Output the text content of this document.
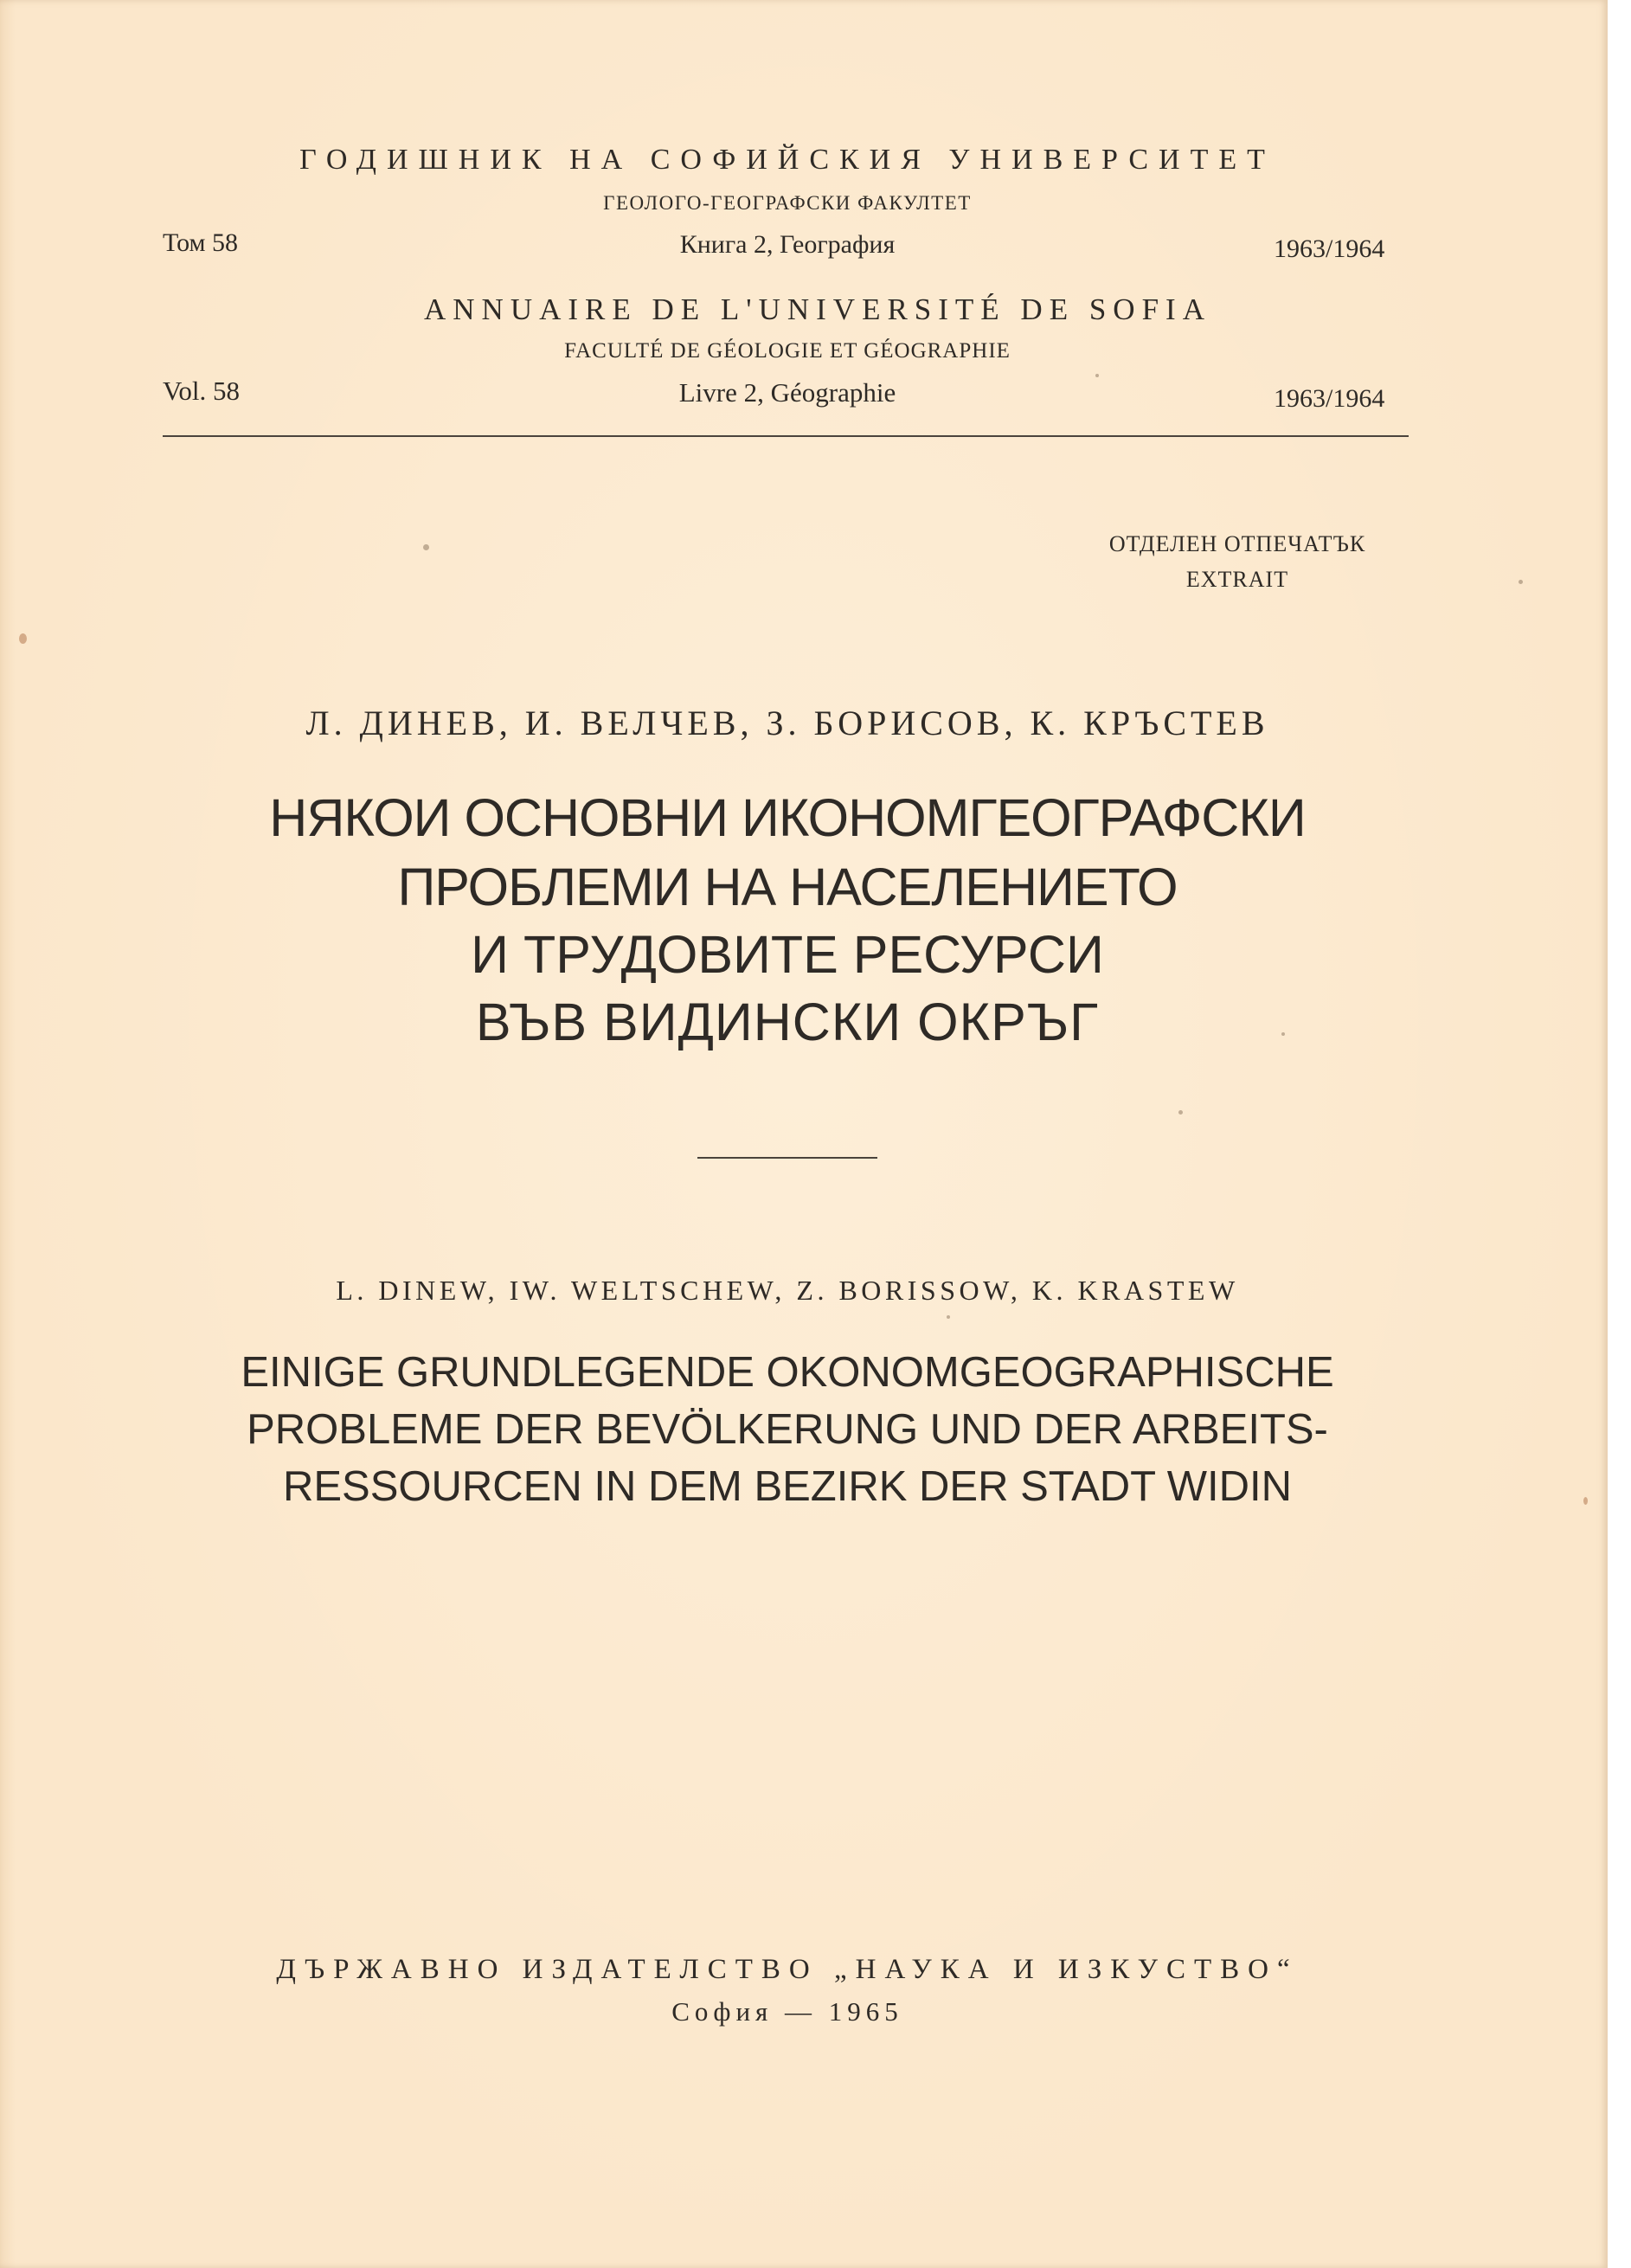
ГОДИШНИК НА СОФИЙСКИЯ УНИВЕРСИТЕТ
ГЕОЛОГО-ГЕОГРАФСКИ ФАКУЛТЕТ
Том 58	Книга 2, География	1963/1964
ANNUAIRE DE L'UNIVERSITÉ DE SOFIA
FACULTÉ DE GÉOLOGIE ET GÉOGRAPHIE
Vol. 58	Livre 2, Géographie	1963/1964
ОТДЕЛЕН ОТПЕЧАТЪК
EXTRAIT
Л. ДИНЕВ, И. ВЕЛЧЕВ, З. БОРИСОВ, К. КРЪСТЕВ
НЯКОИ ОСНОВНИ ИКОНОМГЕОГРАФСКИ
ПРОБЛЕМИ НА НАСЕЛЕНИЕТО
И ТРУДОВИТЕ РЕСУРСИ
ВЪВ ВИДИНСКИ ОКРЪГ
L. DINEW, IW. WELTSCHEW, Z. BORISSOW, K. KRASTEW
EINIGE GRUNDLEGENDE OKONOMGEOGRAPHISCHE
PROBLEME DER BEVÖLKERUNG UND DER ARBEITS-
RESSOURCEN IN DEM BEZIRK DER STADT WIDIN
ДЪРЖАВНО ИЗДАТЕЛСТВО „НАУКА И ИЗКУСТВО“
София — 1965
